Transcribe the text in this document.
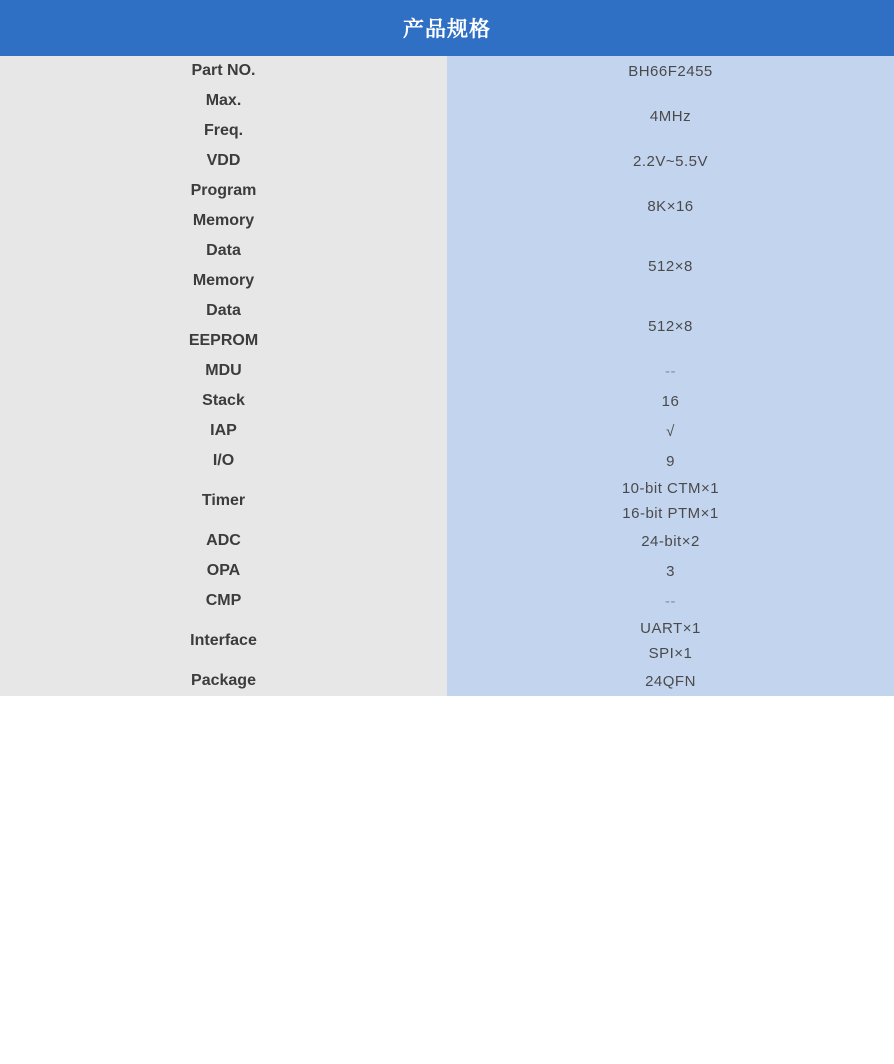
产品规格	

Part NO.	BH66F2455

Max.
Freq.	4MHz

VDD	2.2V~5.5V

Program
Memory	8K×16

Data
Memory	512×8

Data
EEPROM	512×8

MDU	--

Stack	16

IAP	√

I/O	9

Timer	10-bit CTM×1
16-bit PTM×1

ADC	24-bit×2

OPA	3

CMP	--

Interface	UART×1
SPI×1

Package	24QFN
